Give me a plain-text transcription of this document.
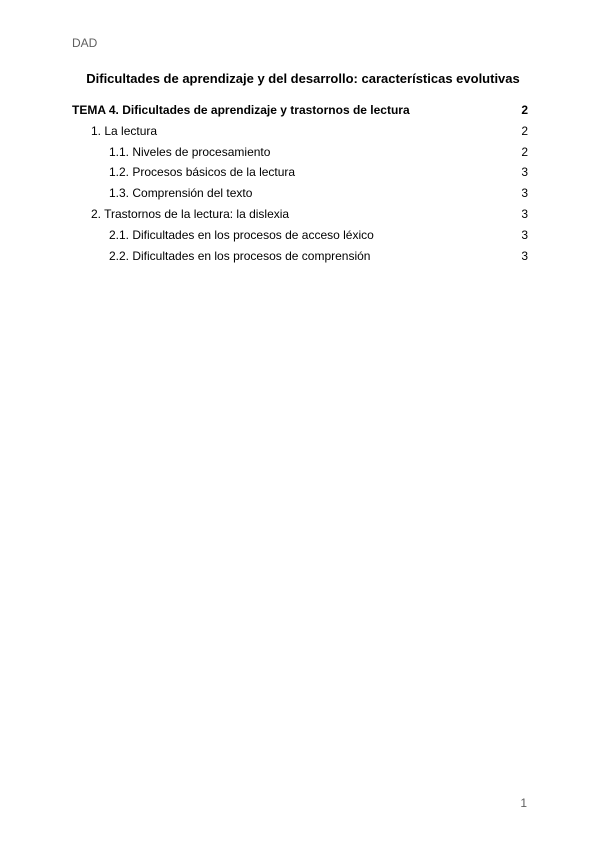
DAD
Dificultades de aprendizaje y del desarrollo: características evolutivas
TEMA 4. Dificultades de aprendizaje y trastornos de lectura	2
1. La lectura	2
1.1. Niveles de procesamiento	2
1.2. Procesos básicos de la lectura	3
1.3. Comprensión del texto	3
2. Trastornos de la lectura: la dislexia	3
2.1. Dificultades en los procesos de acceso léxico	3
2.2. Dificultades en los procesos de comprensión	3
1
